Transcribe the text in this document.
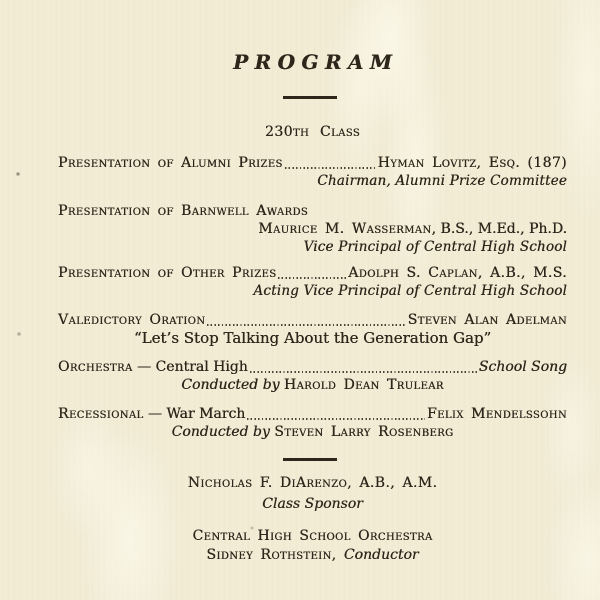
PROGRAM
230th Class
Presentation of Alumni Prizes	Hyman Lovitz, Esq. (187)
Chairman, Alumni Prize Committee
Presentation of Barnwell Awards
Maurice M. Wasserman, B.S., M.Ed., Ph.D.
Vice Principal of Central High School
Presentation of Other Prizes	Adolph S. Caplan, A.B., M.S.
Acting Vice Principal of Central High School
Valedictory Oration	Steven Alan Adelman
“Let’s Stop Talking About the Generation Gap”
Orchestra — Central High	School Song
Conducted by Harold Dean Trulear
Recessional — War March	Felix Mendelssohn
Conducted by Steven Larry Rosenberg
Nicholas F. DiArenzo, A.B., A.M.
Class Sponsor
Central High School Orchestra
Sidney Rothstein, Conductor
